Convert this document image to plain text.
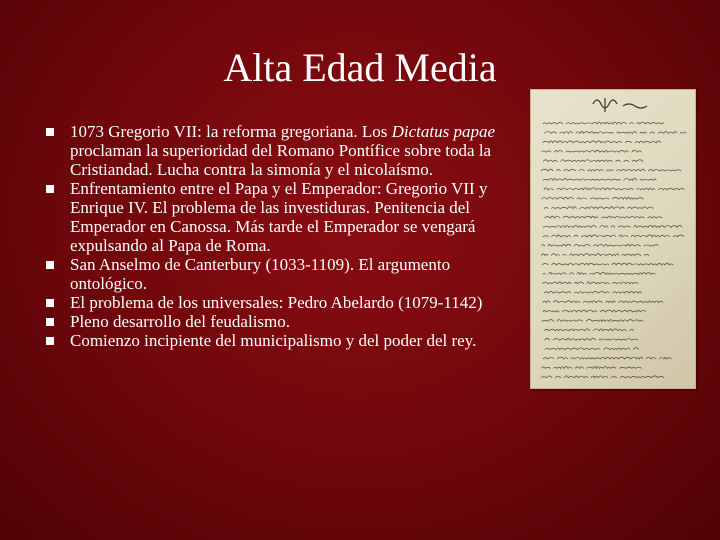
Alta Edad Media
1073 Gregorio VII: la reforma gregoriana. Los Dictatus papae proclaman la superioridad del Romano Pontífice sobre toda la Cristiandad. Lucha contra la simonía y el nicolaísmo.
Enfrentamiento entre el Papa y el Emperador: Gregorio VII y Enrique IV. El problema de las investiduras. Penitencia del Emperador en Canossa. Más tarde el Emperador se vengará expulsando al Papa de Roma.
San Anselmo de Canterbury (1033-1109). El argumento ontológico.
El problema de los universales: Pedro Abelardo (1079-1142)
Pleno desarrollo del feudalismo.
Comienzo incipiente del municipalismo y del poder del rey.
